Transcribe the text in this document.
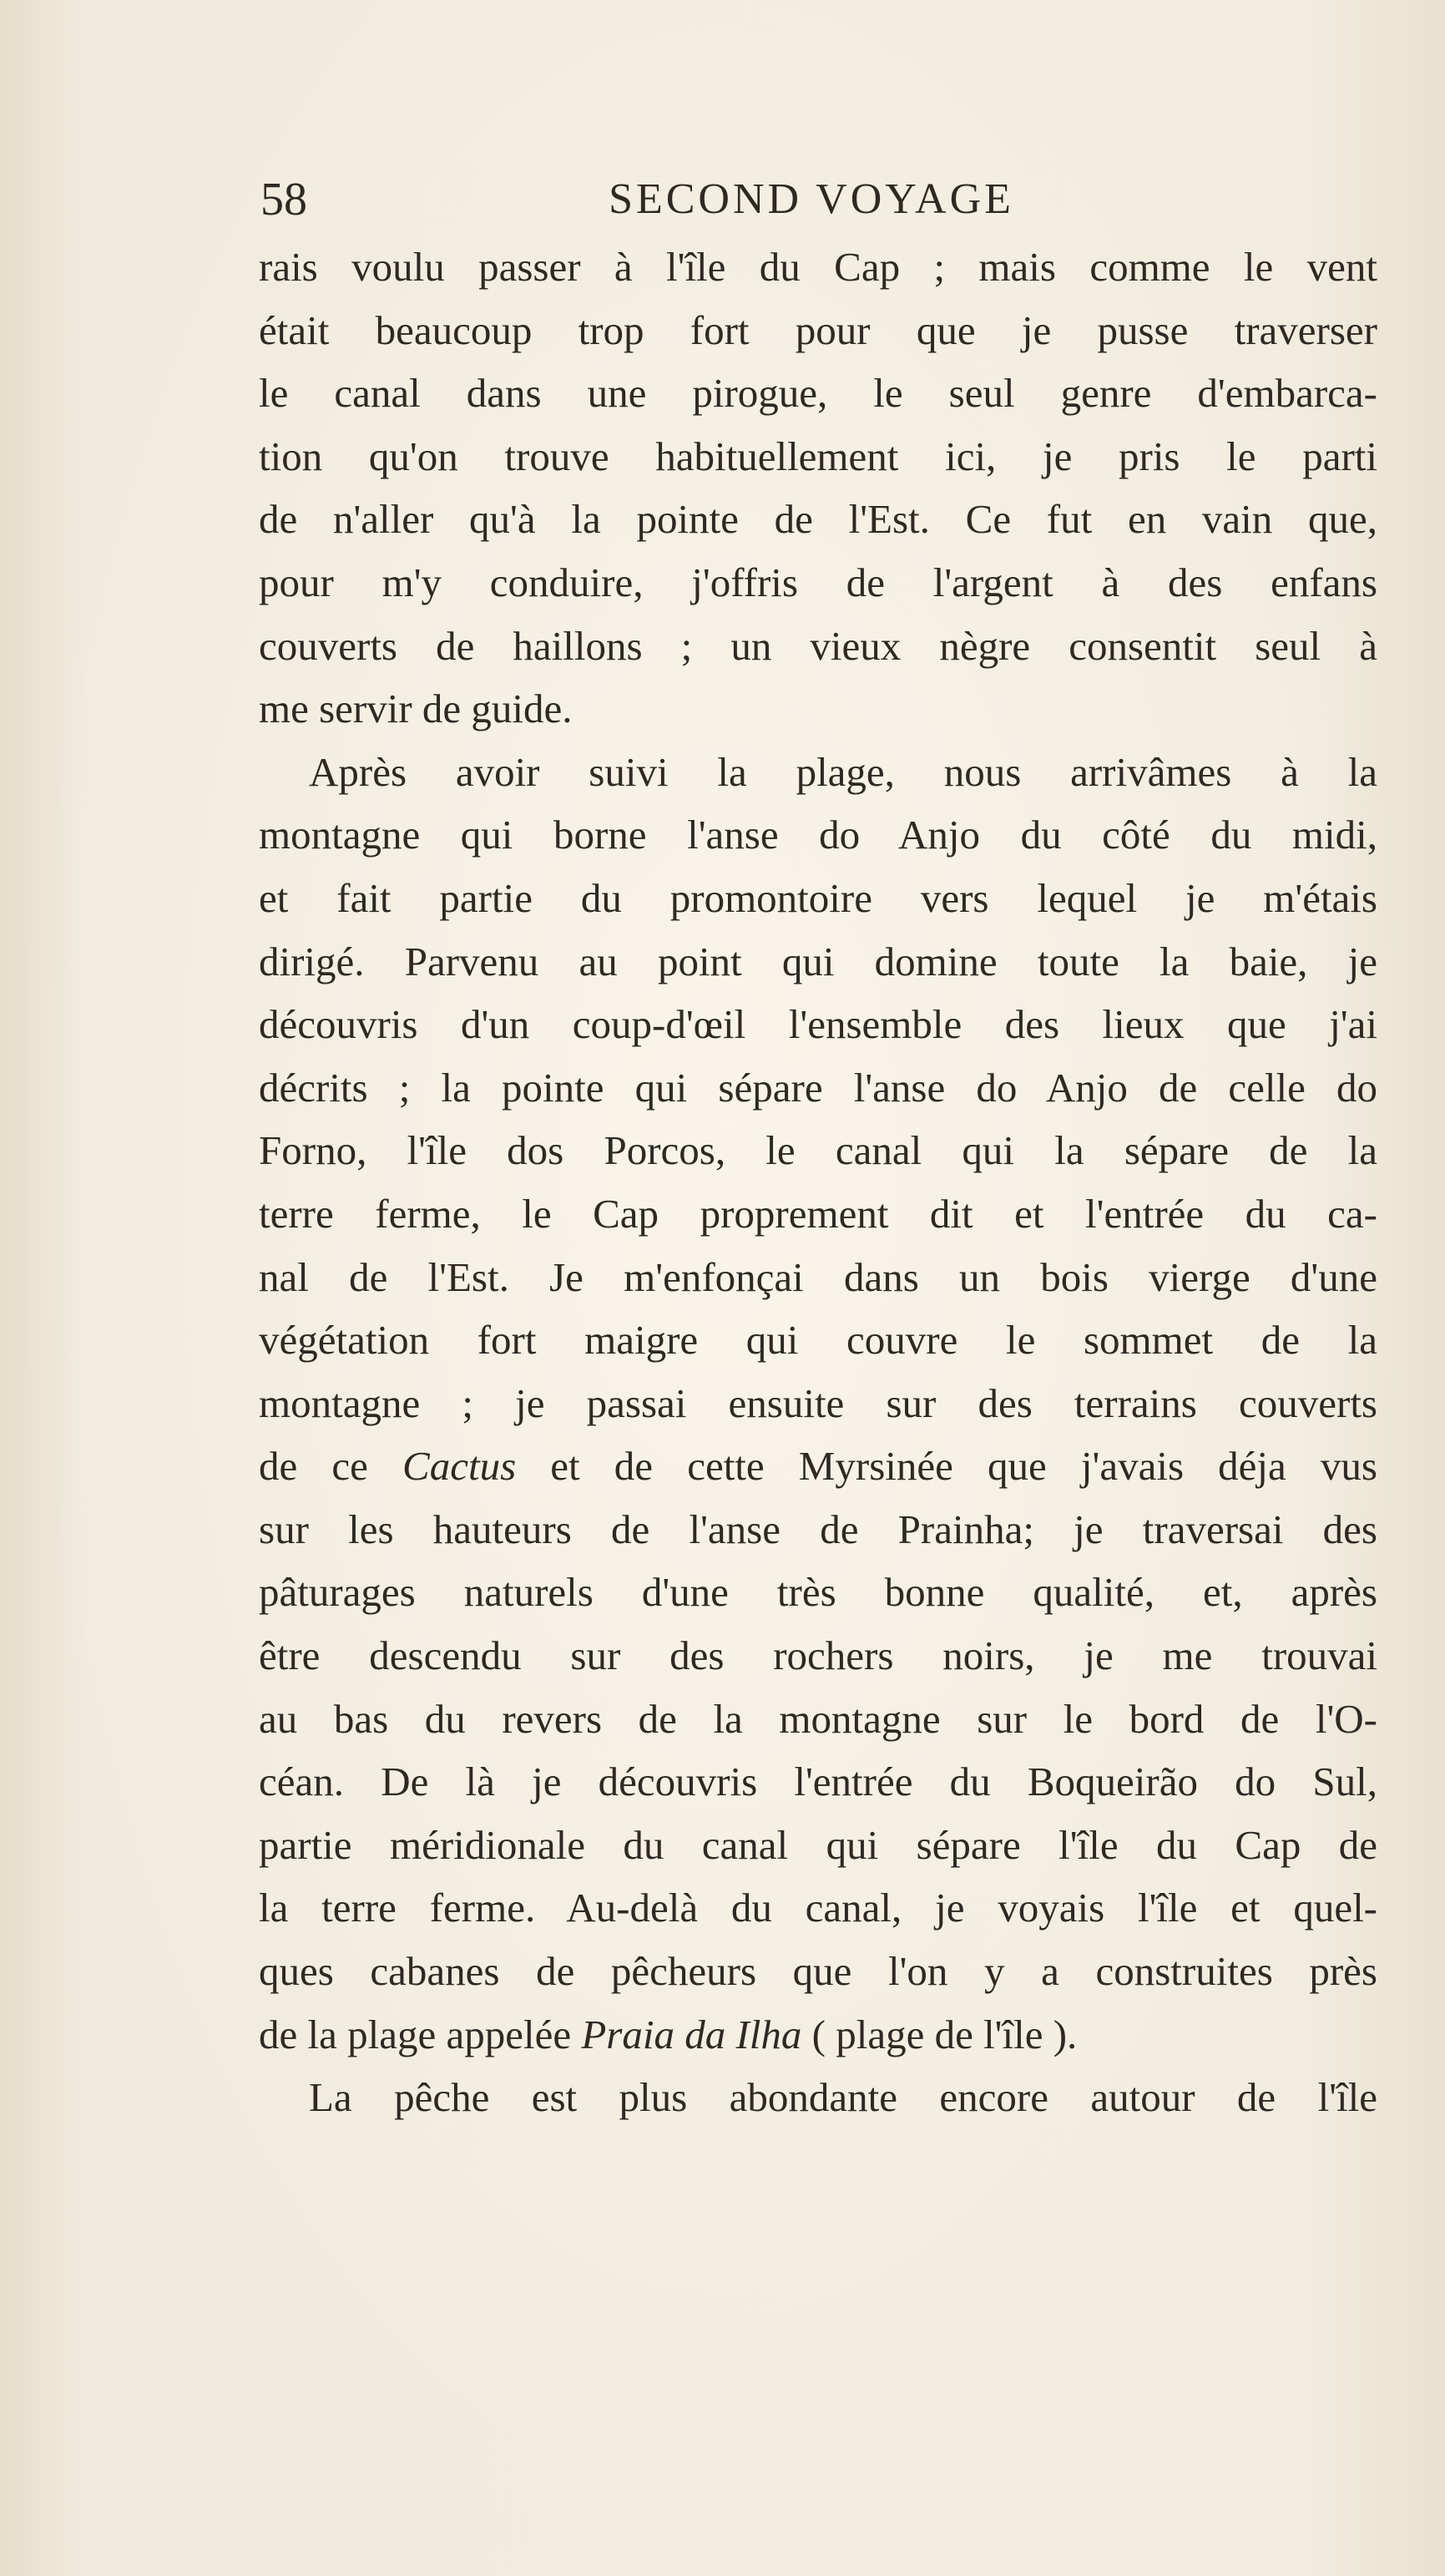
58	SECOND VOYAGE
rais voulu passer à l'île du Cap ; mais comme le vent
était beaucoup trop fort pour que je pusse traverser
le canal dans une pirogue, le seul genre d'embarca-
tion qu'on trouve habituellement ici, je pris le parti
de n'aller qu'à la pointe de l'Est. Ce fut en vain que,
pour m'y conduire, j'offris de l'argent à des enfans
couverts de haillons ; un vieux nègre consentit seul à
me servir de guide.
Après avoir suivi la plage, nous arrivâmes à la
montagne qui borne l'anse do Anjo du côté du midi,
et fait partie du promontoire vers lequel je m'étais
dirigé. Parvenu au point qui domine toute la baie, je
découvris d'un coup-d'œil l'ensemble des lieux que j'ai
décrits ; la pointe qui sépare l'anse do Anjo de celle do
Forno, l'île dos Porcos, le canal qui la sépare de la
terre ferme, le Cap proprement dit et l'entrée du ca-
nal de l'Est. Je m'enfonçai dans un bois vierge d'une
végétation fort maigre qui couvre le sommet de la
montagne ; je passai ensuite sur des terrains couverts
de ce Cactus et de cette Myrsinée que j'avais déja vus
sur les hauteurs de l'anse de Prainha; je traversai des
pâturages naturels d'une très bonne qualité, et, après
être descendu sur des rochers noirs, je me trouvai
au bas du revers de la montagne sur le bord de l'O-
céan. De là je découvris l'entrée du Boqueirão do Sul,
partie méridionale du canal qui sépare l'île du Cap de
la terre ferme. Au-delà du canal, je voyais l'île et quel-
ques cabanes de pêcheurs que l'on y a construites près
de la plage appelée Praia da Ilha ( plage de l'île ).
La pêche est plus abondante encore autour de l'île
